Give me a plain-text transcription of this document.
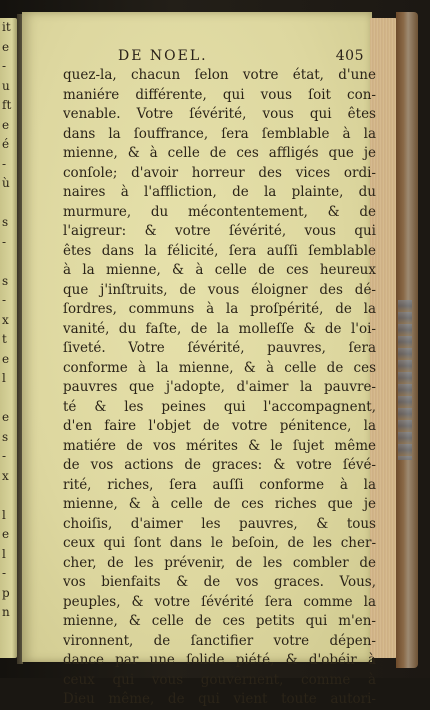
it
e
-
u
ft
e
é
-
ù
s
-
s
-
x
t
e
l
e
s
-
x
l
e
l
-
p
n
DE NOEL.	405
quez-la, chacun ſelon votre état, d'une
maniére différente, qui vous ſoit con-
venable. Votre ſévérité, vous qui êtes
dans la ſouffrance, ſera ſemblable à la
mienne, & à celle de ces affligés que je
conſole; d'avoir horreur des vices ordi-
naires à l'affliction, de la plainte, du
murmure, du mécontentement, & de
l'aigreur: & votre ſévérité, vous qui
êtes dans la félicité, ſera auſſi ſemblable
à la mienne, & à celle de ces heureux
que j'inſtruits, de vous éloigner des dé-
ſordres, communs à la proſpérité, de la
vanité, du faſte, de la molleſſe & de l'oi-
ſiveté. Votre ſévérité, pauvres, ſera
conforme à la mienne, & à celle de ces
pauvres que j'adopte, d'aimer la pauvre-
té & les peines qui l'accompagnent,
d'en faire l'objet de votre pénitence, la
matiére de vos mérites & le ſujet même
de vos actions de graces: & votre ſévé-
rité, riches, ſera auſſi conforme à la
mienne, & à celle de ces riches que je
choiſis, d'aimer les pauvres, & tous
ceux qui ſont dans le beſoin, de les cher-
cher, de les prévenir, de les combler de
vos bienfaits & de vos graces. Vous,
peuples, & votre ſévérité ſera comme la
mienne, & celle de ces petits qui m'en-
vironnent, de ſanctifier votre dépen-
dance par une ſolide piété, & d'obéir à
ceux qui vous gouvernent, comme à
Dieu même, de qui vient toute autori-
